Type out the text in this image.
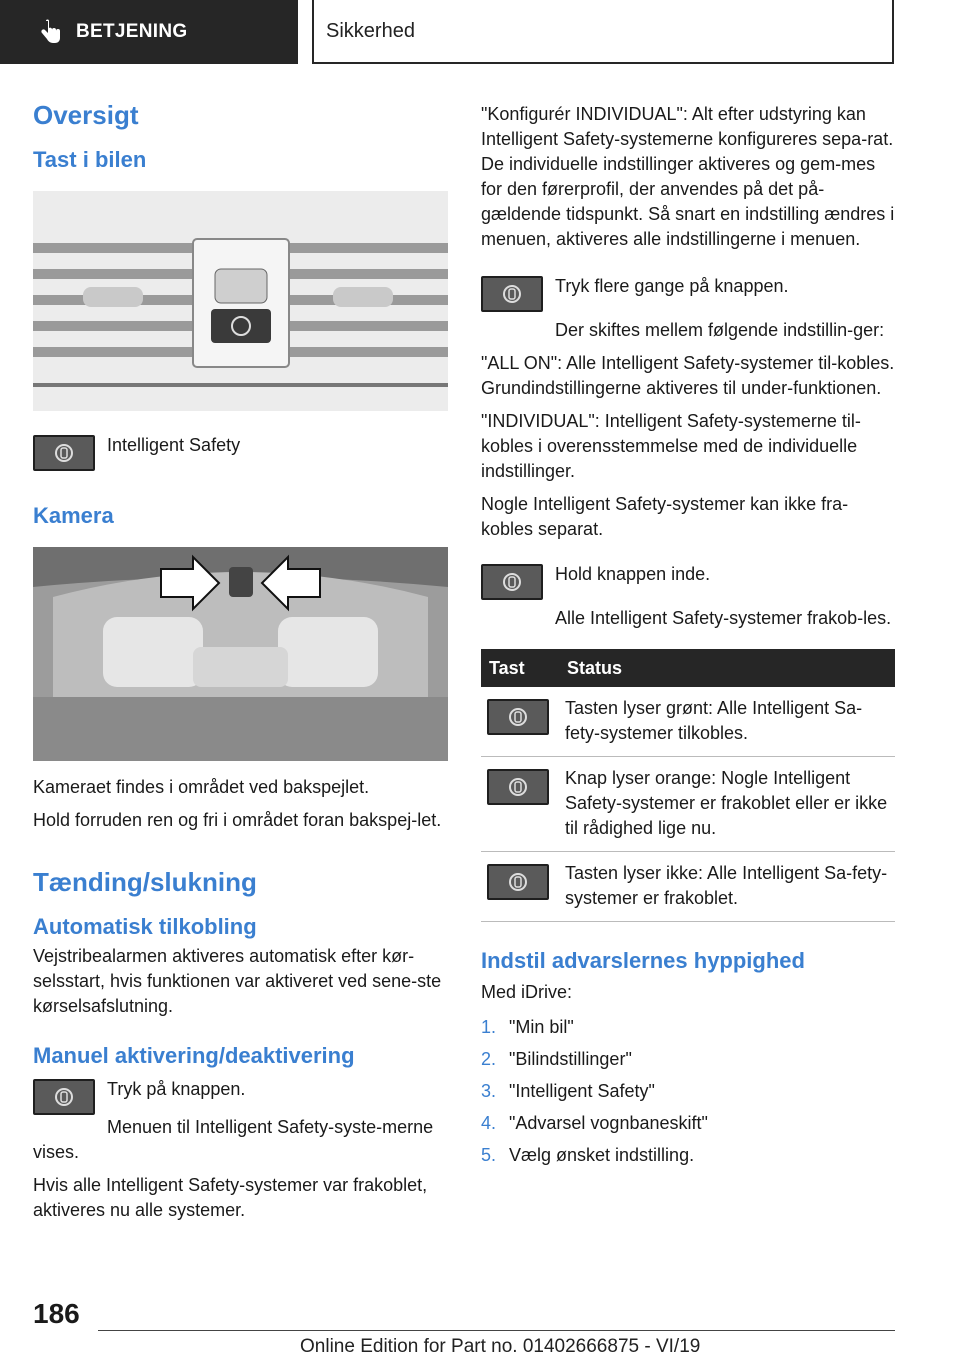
BETJENING	Sikkerhed
Oversigt
Tast i bilen

Intelligent Safety

Kamera

Kameraet findes i området ved bakspejlet.

Hold forruden ren og fri i området foran bakspej-let.

Tænding/slukning
Automatisk tilkobling

Vejstribealarmen aktiveres automatisk efter kør-selsstart, hvis funktionen var aktiveret ved sene-ste kørselsafslutning.

Manuel aktivering/deaktivering

Tryk på knappen.

Menuen til Intelligent Safety-syste-merne vises.

Hvis alle Intelligent Safety-systemer var frakoblet, aktiveres nu alle systemer.

"Konfigurér INDIVIDUAL": Alt efter udstyring kan Intelligent Safety-systemerne konfigureres sepa-rat. De individuelle indstillinger aktiveres og gem-mes for den førerprofil, der anvendes på det på-gældende tidspunkt. Så snart en indstilling ændres i menuen, aktiveres alle indstillingerne i menuen.

Tryk flere gange på knappen.

Der skiftes mellem følgende indstillin-ger:

"ALL ON": Alle Intelligent Safety-systemer til-kobles. Grundindstillingerne aktiveres til under-funktionen.

"INDIVIDUAL": Intelligent Safety-systemerne til-kobles i overensstemmelse med de individuelle indstillinger.

Nogle Intelligent Safety-systemer kan ikke fra-kobles separat.

Hold knappen inde.

Alle Intelligent Safety-systemer frakob-les.

Tast	Status

	Tasten lyser grønt: Alle Intelligent Sa-fety-systemer tilkobles.

	Knap lyser orange: Nogle Intelligent Safety-systemer er frakoblet eller er ikke til rådighed lige nu.

	Tasten lyser ikke: Alle Intelligent Sa-fety-systemer er frakoblet.
Indstil advarslernes hyppighed

Med iDrive:

1. "Min bil"
2. "Bilindstillinger"
3. "Intelligent Safety"
4. "Advarsel vognbaneskift"
5. Vælg ønsket indstilling.
186
Online Edition for Part no. 01402666875 - VI/19
